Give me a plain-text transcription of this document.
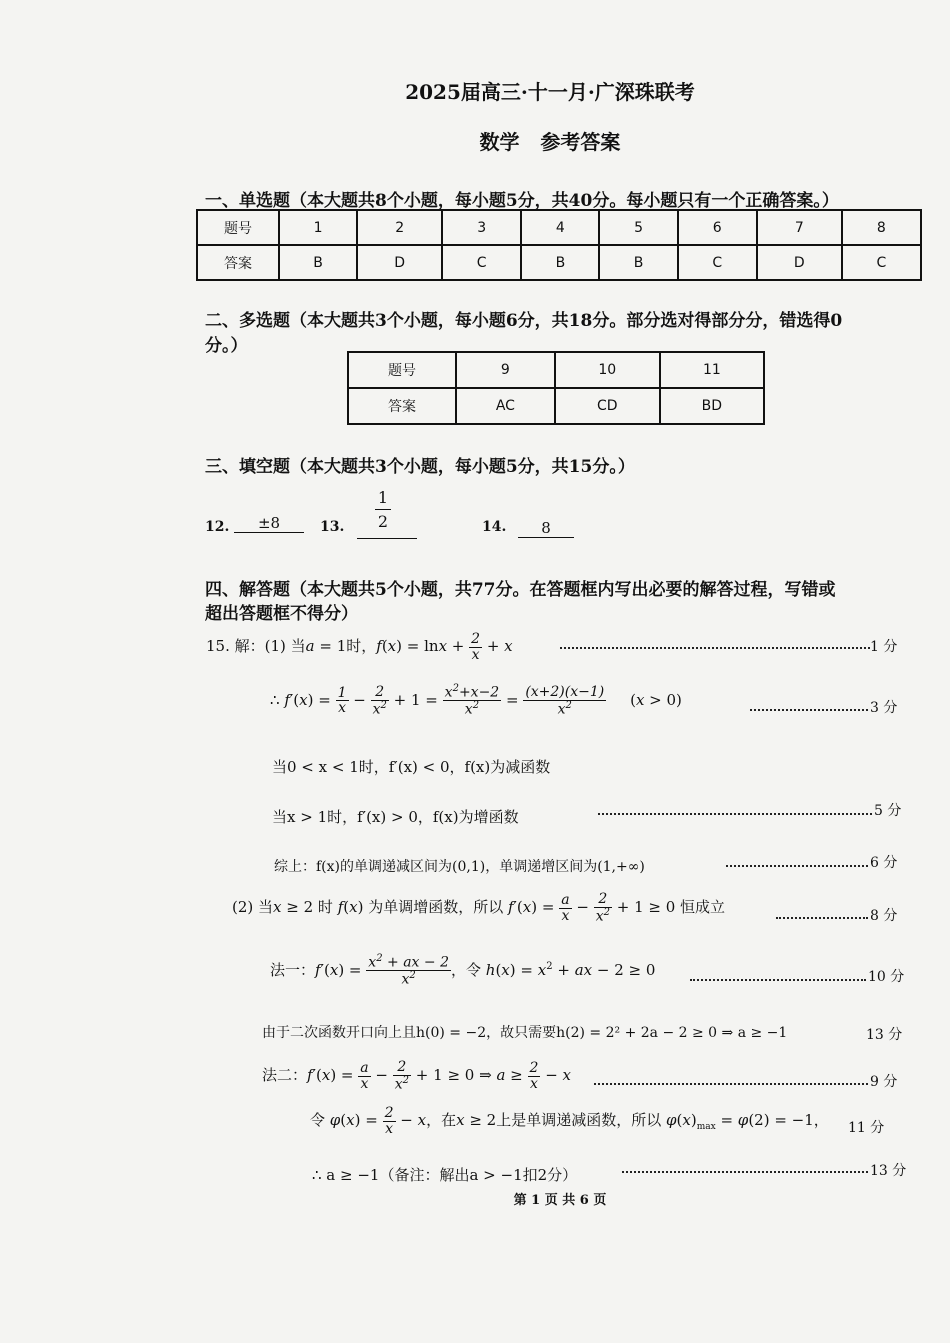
2025届高三·十一月·广深珠联考
数学   参考答案
一、单选题（本大题共8个小题，每小题5分，共40分。每小题只有一个正确答案。）
题号	1	2	3	4	5	6	7	8
答案	B	D	C	B	B	C	D	C
二、多选题（本大题共3个小题，每小题6分，共18分。部分选对得部分分，错选得0
分。）
题号	9	10	11
答案	AC	CD	BD
三、填空题（本大题共3个小题，每小题5分，共15分。）
12.	±8	13.
1
2	14.	8
四、解答题（本大题共5个小题，共77分。在答题框内写出必要的解答过程，写错或
超出答题框不得分）
15. 解：(1) 当a = 1时，$f(x) = \ln x + \frac{2}{x} + x$	1 分
∴ $f'(x) = \frac{1}{x} - \frac{2}{x^2} + 1 = \frac{x^2+x-2}{x^2} = \frac{(x+2)(x-1)}{x^2} (x > 0)$	3 分
当0 < x < 1时，f′(x) < 0，f(x)为减函数
当x > 1时，f′(x) > 0，f(x)为增函数	5 分
综上：f(x)的单调递减区间为(0,1)，单调递增区间为(1,+∞)	6 分
(2) 当x ≥ 2 时 f(x) 为单调增函数，所以 $f'(x) = \frac{a}{x} - \frac{2}{x^2} + 1 \ge 0$ 恒成立	8 分
法一：$f'(x) = \frac{x^2 + ax - 2}{x^2}$ ，令 $h(x) = x^2$ + ax − 2 ≥ 0	10 分
由于二次函数开口向上且h(0) = −2，故只需要h(2) = 2² + 2a − 2 ≥ 0 ⇒ a ≥ −1	13 分
法二：$f'(x) = \frac{a}{x} - \frac{2}{x^2} + 1 \ge 0$ ⇒ $a \ge \frac{2}{x} - x$	9 分
令 $\varphi(x) = \frac{2}{x} - x$，在x ≥ 2上是单调递减函数，所以 $\varphi(x)_{max} = \varphi(2) = -1$， 11 分
∴ a ≥ −1（备注：解出a > −1扣2分）	13 分
第 1 页 共 6 页
